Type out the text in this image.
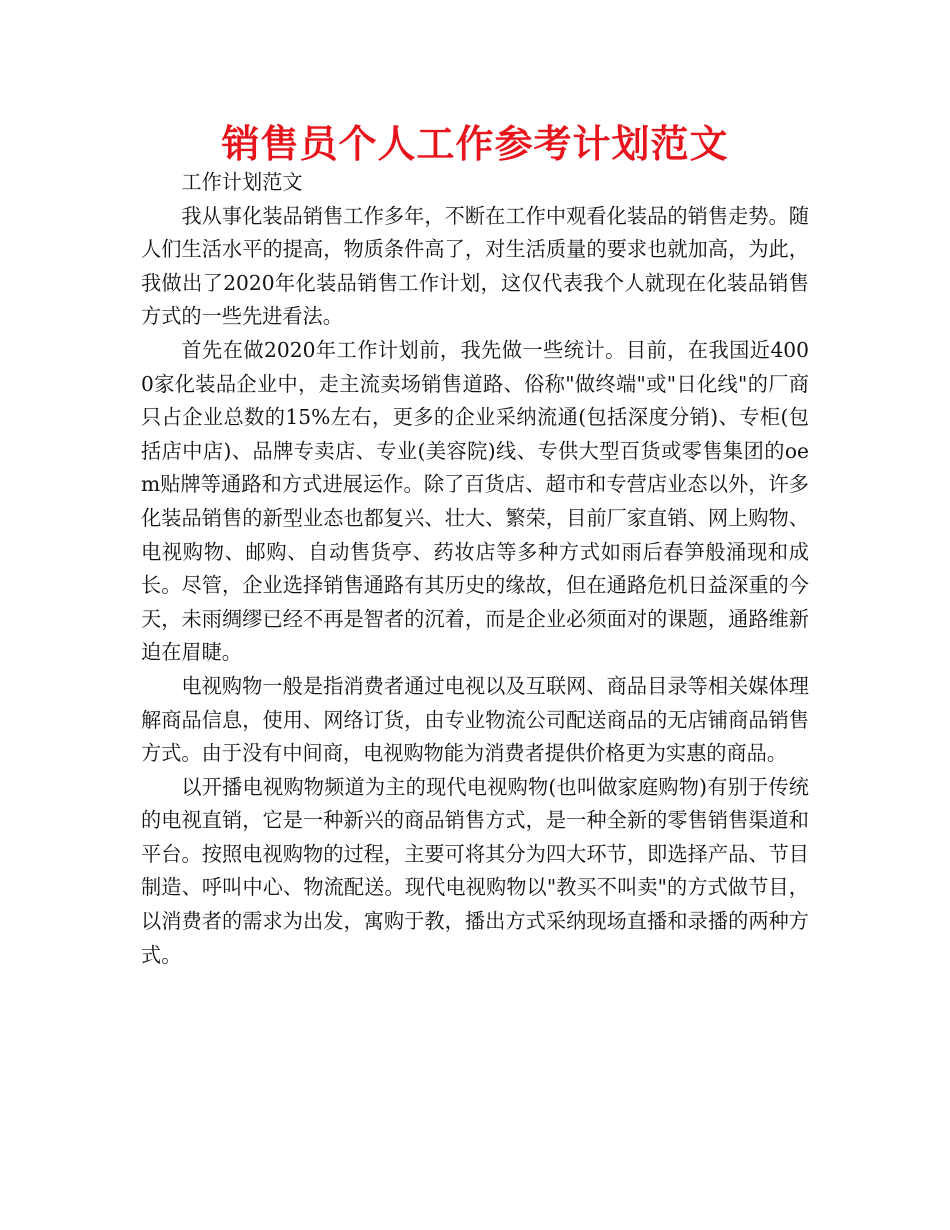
销售员个人工作参考计划范文

工作计划范文

我从事化装品销售工作多年，不断在工作中观看化装品的销售走势。随人们生活水平的提高，物质条件高了，对生活质量的要求也就加高，为此，我做出了2020年化装品销售工作计划，这仅代表我个人就现在化装品销售方式的一些先进看法。

首先在做2020年工作计划前，我先做一些统计。目前，在我国近4000家化装品企业中，走主流卖场销售道路、俗称"做终端"或"日化线"的厂商只占企业总数的15%左右，更多的企业采纳流通(包括深度分销)、专柜(包括店中店)、品牌专卖店、专业(美容院)线、专供大型百货或零售集团的oem贴牌等通路和方式进展运作。除了百货店、超市和专营店业态以外，许多化装品销售的新型业态也都复兴、壮大、繁荣，目前厂家直销、网上购物、电视购物、邮购、自动售货亭、药妆店等多种方式如雨后春笋般涌现和成长。尽管，企业选择销售通路有其历史的缘故，但在通路危机日益深重的今天，未雨绸缪已经不再是智者的沉着，而是企业必须面对的课题，通路维新迫在眉睫。

电视购物一般是指消费者通过电视以及互联网、商品目录等相关媒体理解商品信息，使用、网络订货，由专业物流公司配送商品的无店铺商品销售方式。由于没有中间商，电视购物能为消费者提供价格更为实惠的商品。

以开播电视购物频道为主的现代电视购物(也叫做家庭购物)有别于传统的电视直销，它是一种新兴的商品销售方式，是一种全新的零售销售渠道和平台。按照电视购物的过程，主要可将其分为四大环节，即选择产品、节目制造、呼叫中心、物流配送。现代电视购物以"教买不叫卖"的方式做节目，以消费者的需求为出发，寓购于教，播出方式采纳现场直播和录播的两种方式。
